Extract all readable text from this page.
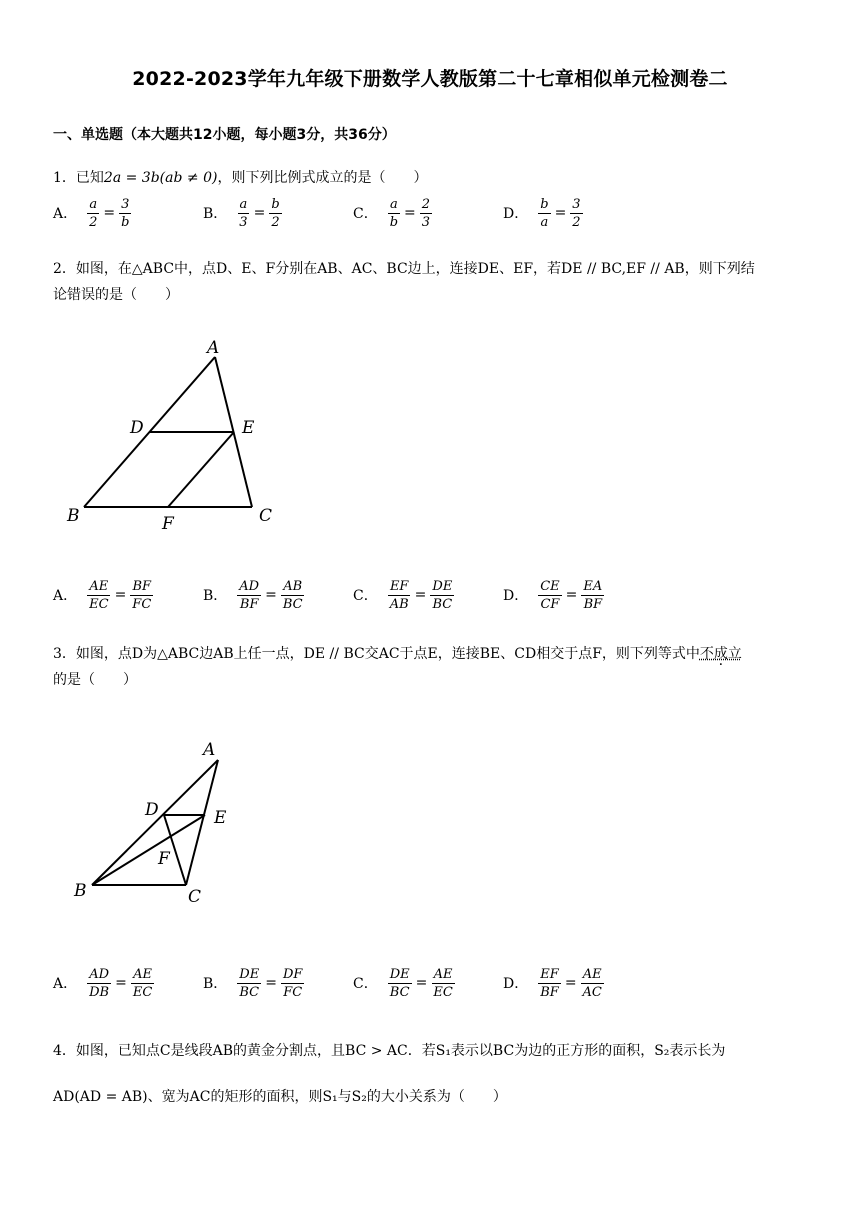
2022-2023学年九年级下册数学人教版第二十七章相似单元检测卷二
一、单选题（本大题共12小题，每小题3分，共36分）
1．已知2a = 3b(ab ≠ 0)，则下列比例式成立的是（　　）
A． $\frac{a}{2} = \frac{3}{b}$	B． $\frac{a}{3} = \frac{b}{2}$	C． $\frac{a}{b} = \frac{2}{3}$	D． $\frac{b}{a} = \frac{3}{2}$
2．如图，在△ABC中，点D、E、F分别在AB、AC、BC边上，连接DE、EF，若DE // BC,EF // AB，则下列结
论错误的是（　　）
A
D	E
B	F	C
A． $\frac{AE}{EC} = \frac{BF}{FC}$	B． $\frac{AD}{BF} = \frac{AB}{BC}$	C． $\frac{EF}{AB} = \frac{DE}{BC}$	D． $\frac{CE}{CF} = \frac{EA}{BF}$
3．如图，点D为△ABC边AB上任一点，DE // BC交AC于点E，连接BE、CD相交于点F，则下列等式中不成立
的是（　　）
A
D	E
F
B	C
A． $\frac{AD}{DB} = \frac{AE}{EC}$	B． $\frac{DE}{BC} = \frac{DF}{FC}$	C． $\frac{DE}{BC} = \frac{AE}{EC}$	D． $\frac{EF}{BF} = \frac{AE}{AC}$
4．如图，已知点C是线段AB的黄金分割点，且BC > AC．若S₁表示以BC为边的正方形的面积，S₂表示长为
AD(AD = AB)、宽为AC的矩形的面积，则S₁与S₂的大小关系为（　　）
